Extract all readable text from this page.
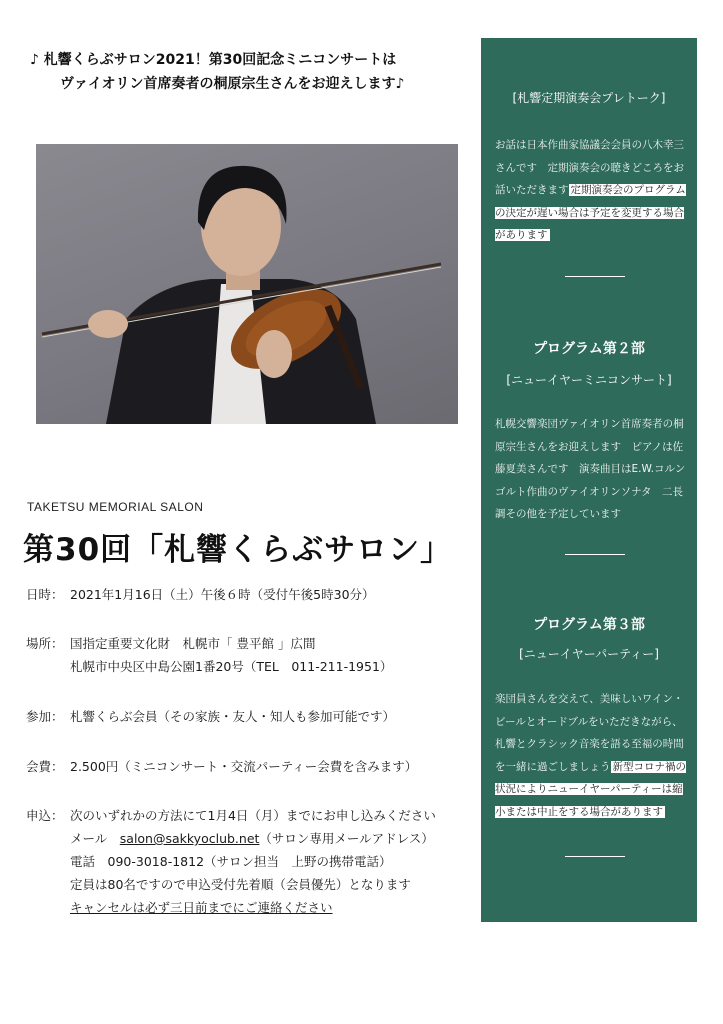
♪ 札響くらぶサロン2021！第30回記念ミニコンサートは
ヴァイオリン首席奏者の桐原宗生さんをお迎えします♪
TAKETSU MEMORIAL SALON
第30回「札響くらぶサロン」
日時： 2021年1月16日（土）午後６時（受付午後5時30分）
場所： 国指定重要文化財　札幌市「 豊平館 」広間
札幌市中央区中島公園1番20号（TEL　011-211-1951）
参加： 札響くらぶ会員（その家族・友人・知人も参加可能です）
会費： 2.500円（ミニコンサート・交流パーティー会費を含みます）
申込： 次のいずれかの方法にて1月4日（月）までにお申し込みください
メール　salon@sakkyoclub.net（サロン専用メールアドレス）
電話　090-3018-1812（サロン担当　上野の携帯電話）
定員は80名ですので申込受付先着順（会員優先）となります
キャンセルは必ず三日前までにご連絡ください
[札響定期演奏会プレトーク]
お話は日本作曲家協議会会員の八木幸三さんです　定期演奏会の聴きどころをお話いただきます 定期演奏会のプログラムの決定が遅い場合は予定を変更する場合があります
プログラム第２部
[ニューイヤーミニコンサート]
札幌交響楽団ヴァイオリン首席奏者の桐原宗生さんをお迎えします　ピアノは佐藤夏美さんです　演奏曲目はE.W.コルンゴルト作曲のヴァイオリンソナタ　二長調その他を予定しています
プログラム第３部
[ニューイヤーパーティー]
楽団員さんを交えて、美味しいワイン・ビールとオードブルをいただきながら、札響とクラシック音楽を語る至福の時間を一緒に過ごしましょう 新型コロナ禍の状況によりニューイヤーパーティーは縮小または中止をする場合があります
